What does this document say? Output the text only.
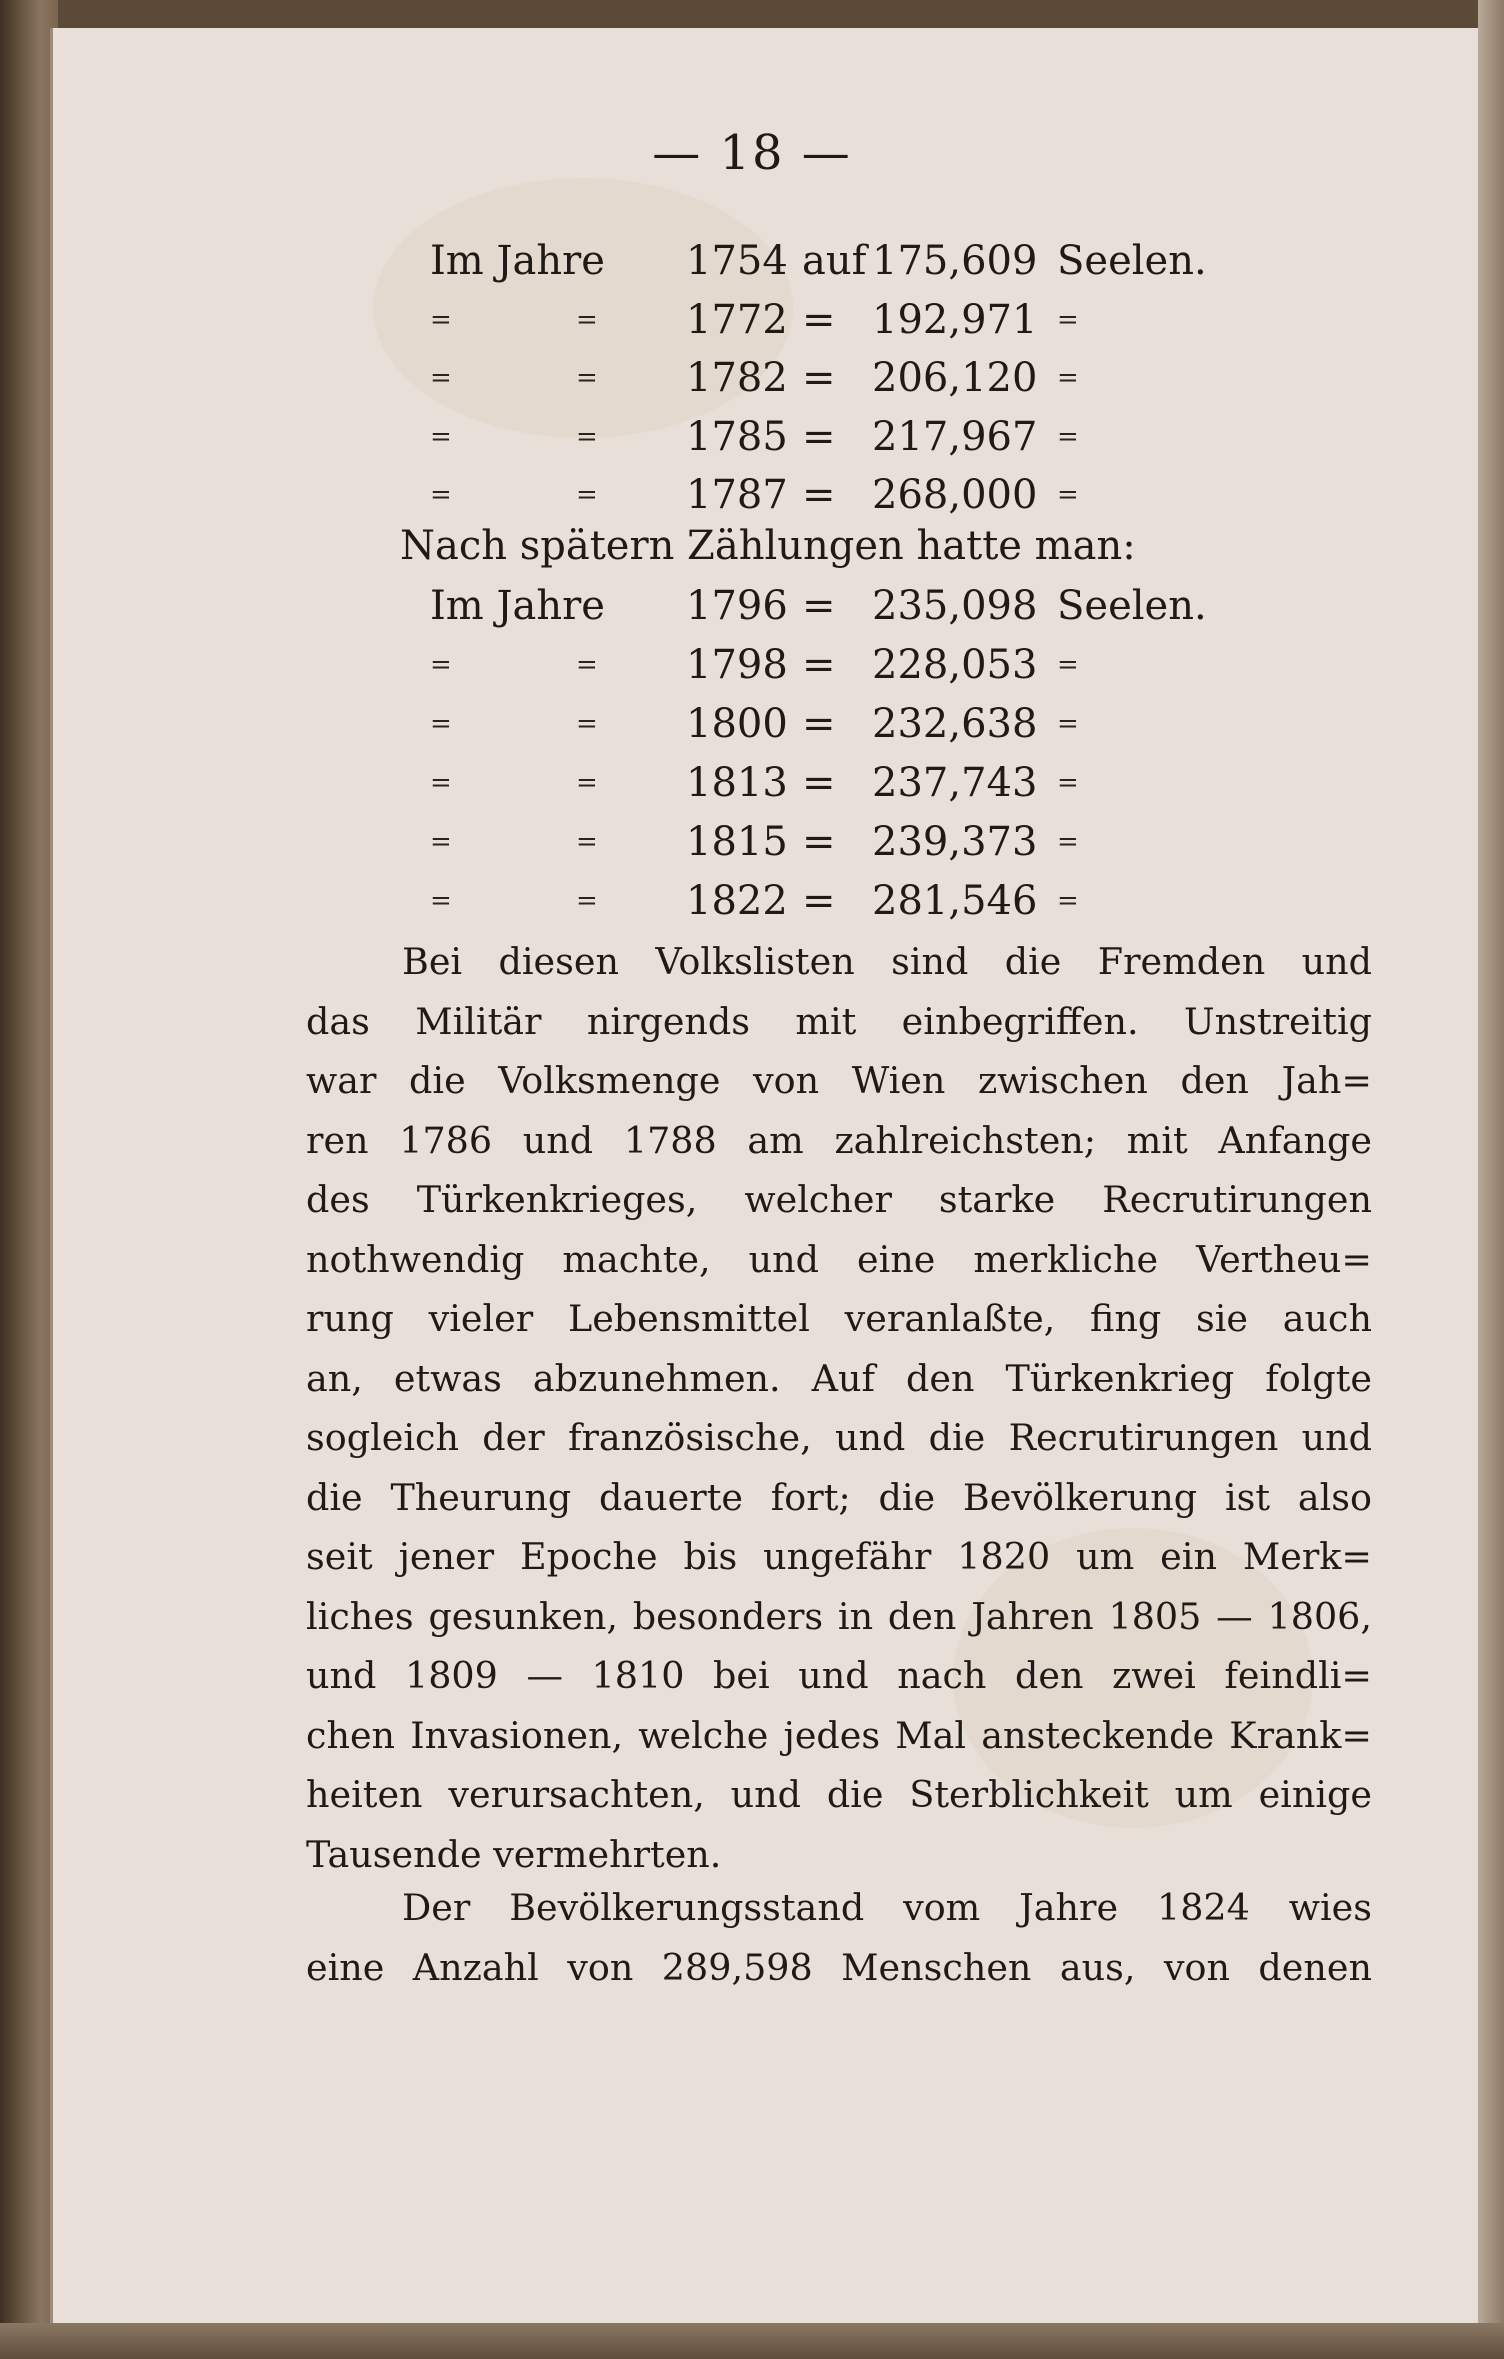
— 18 —
Im Jahre 1754 auf 175,609 Seelen.
= = 1772 = 192,971 =
= = 1782 = 206,120 =
= = 1785 = 217,967 =
= = 1787 = 268,000 =
Nach spätern Zählungen hatte man:
Im Jahre 1796 = 235,098 Seelen.
= = 1798 = 228,053 =
= = 1800 = 232,638 =
= = 1813 = 237,743 =
= = 1815 = 239,373 =
= = 1822 = 281,546 =
Bei diesen Volkslisten sind die Fremden und
das Militär nirgends mit einbegriffen. Unstreitig
war die Volksmenge von Wien zwischen den Jah=
ren 1786 und 1788 am zahlreichsten; mit Anfange
des Türkenkrieges, welcher starke Recrutirungen
nothwendig machte, und eine merkliche Vertheu=
rung vieler Lebensmittel veranlaßte, fing sie auch
an, etwas abzunehmen. Auf den Türkenkrieg folgte
sogleich der französische, und die Recrutirungen und
die Theurung dauerte fort; die Bevölkerung ist also
seit jener Epoche bis ungefähr 1820 um ein Merk=
liches gesunken, besonders in den Jahren 1805 — 1806,
und 1809 — 1810 bei und nach den zwei feindli=
chen Invasionen, welche jedes Mal ansteckende Krank=
heiten verursachten, und die Sterblichkeit um einige
Tausende vermehrten.
Der Bevölkerungsstand vom Jahre 1824 wies
eine Anzahl von 289,598 Menschen aus, von denen
